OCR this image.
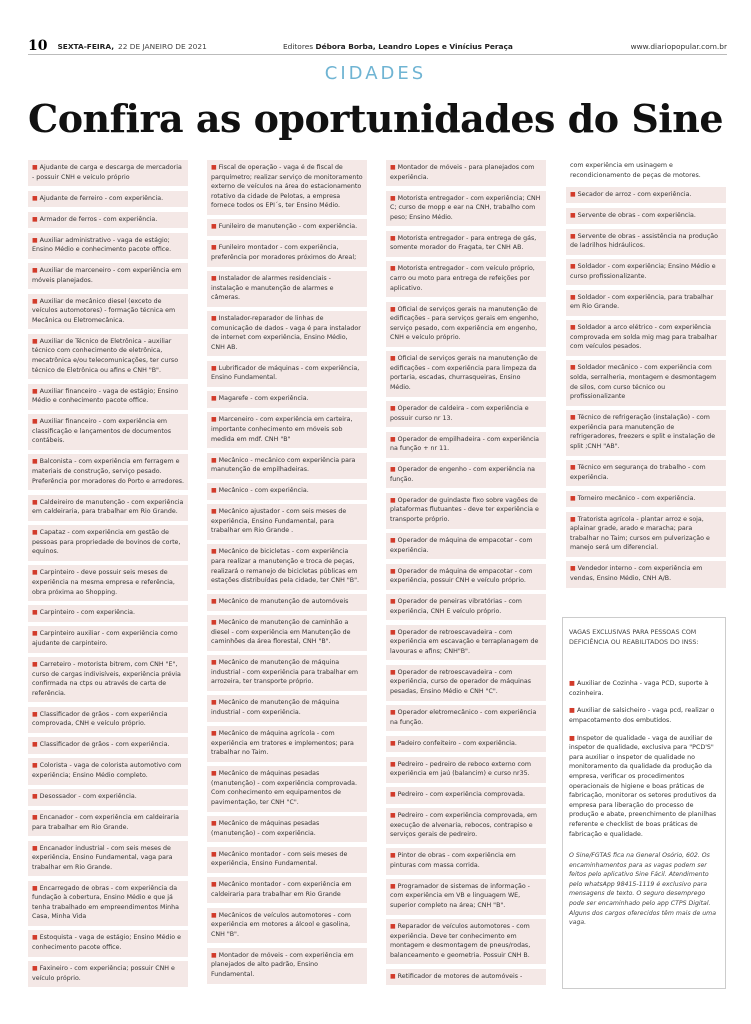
10 SEXTA-FEIRA, 22 DE JANEIRO DE 2021	Editores Débora Borba, Leandro Lopes e Vinícius Peraça	www.diariopopular.com.br
CIDADES
Confira as oportunidades do Sine
■ Ajudante de carga e descarga de mercadoria - possuir CNH e veículo próprio
■ Ajudante de ferreiro - com experiência.
■ Armador de ferros - com experiência.
■ Auxiliar administrativo - vaga de estágio; Ensino Médio e conhecimento pacote office.
■ Auxiliar de marceneiro - com experiência em móveis planejados.
■ Auxiliar de mecânico diesel (exceto de veículos automotores) - formação técnica em Mecânica ou Eletromecânica.
■ Auxiliar de Técnico de Eletrônica - auxiliar técnico com conhecimento de eletrônica, mecatrônica e/ou telecomunicações, ter curso técnico de Eletrônica ou afins e CNH "B".
■ Auxiliar financeiro - vaga de estágio; Ensino Médio e conhecimento pacote office.
■ Auxiliar financeiro - com experiência em classificação e lançamentos de documentos contábeis.
■ Balconista - com experiência em ferragem e materiais de construção, serviço pesado. Preferência por moradores do Porto e arredores.
■ Caldeireiro de manutenção - com experiência em caldeiraria, para trabalhar em Rio Grande.
■ Capataz - com experiência em gestão de pessoas para propriedade de bovinos de corte, equinos.
■ Carpinteiro - deve possuir seis meses de experiência na mesma empresa e referência, obra próxima ao Shopping.
■ Carpinteiro - com experiência.
■ Carpinteiro auxiliar - com experiência como ajudante de carpinteiro.
■ Carreteiro - motorista bitrem, com CNH "E", curso de cargas indivisíveis, experiência prévia confirmada na ctps ou através de carta de referência.
■ Classificador de grãos - com experiência comprovada, CNH e veículo próprio.
■ Classificador de grãos - com experiência.
■ Colorista - vaga de colorista automotivo com experiência; Ensino Médio completo.
■ Desossador - com experiência.
■ Encanador - com experiência em caldeiraria para trabalhar em Rio Grande.
■ Encanador industrial - com seis meses de experiência, Ensino Fundamental, vaga para trabalhar em Rio Grande.
■ Encarregado de obras - com experiência da fundação à cobertura, Ensino Médio e que já tenha trabalhado em empreendimentos Minha Casa, Minha Vida
■ Estoquista - vaga de estágio; Ensino Médio e conhecimento pacote office.
■ Faxineiro - com experiência; possuir CNH e veículo próprio.
■ Fiscal de operação - vaga é de fiscal de parquímetro; realizar serviço de monitoramento externo de veículos na área do estacionamento rotativo da cidade de Pelotas, a empresa fornece todos os EPI´s, ter Ensino Médio.
■ Funileiro de manutenção - com experiência.
■ Funileiro montador - com experiência, preferência por moradores próximos do Areal;
■ Instalador de alarmes residenciais - instalação e manutenção de alarmes e câmeras.
■ Instalador-reparador de linhas de comunicação de dados - vaga é para instalador de internet com experiência, Ensino Médio, CNH AB.
■ Lubrificador de máquinas - com experiência, Ensino Fundamental.
■ Magarefe - com experiência.
■ Marceneiro - com experiência em carteira, importante conhecimento em móveis sob medida em mdf. CNH "B"
■ Mecânico - mecânico com experiência para manutenção de empilhadeiras.
■ Mecânico - com experiência.
■ Mecânico ajustador - com seis meses de experiência, Ensino Fundamental, para trabalhar em Rio Grande .
■ Mecânico de bicicletas - com experiência para realizar a manutenção e troca de peças, realizará o remanejo de bicicletas públicas em estações distribuídas pela cidade, ter CNH "B".
■ Mecânico de manutenção de automóveis
■ Mecânico de manutenção de caminhão a diesel - com experiência em Manutenção de caminhões da área florestal, CNH "B".
■ Mecânico de manutenção de máquina industrial - com experiência para trabalhar em arrozeira, ter transporte próprio.
■ Mecânico de manutenção de máquina industrial - com experiência.
■ Mecânico de máquina agrícola - com experiência em tratores e implementos; para trabalhar no Taim.
■ Mecânico de máquinas pesadas (manutenção) - com experiência comprovada. Com conhecimento em equipamentos de pavimentação, ter CNH "C".
■ Mecânico de máquinas pesadas (manutenção) - com experiência.
■ Mecânico montador - com seis meses de experiência, Ensino Fundamental.
■ Mecânico montador - com experiência em caldeiraria para trabalhar em Rio Grande
■ Mecânicos de veículos automotores - com experiência em motores a álcool e gasolina, CNH "B".
■ Montador de móveis - com experiência em planejados de alto padrão, Ensino Fundamental.
■ Montador de móveis - para planejados com experiência.
■ Motorista entregador - com experiência; CNH C; curso de mopp e ear na CNH, trabalho com peso; Ensino Médio.
■ Motorista entregador - para entrega de gás, somente morador do Fragata, ter CNH AB.
■ Motorista entregador - com veículo próprio, carro ou moto para entrega de refeições por aplicativo.
■ Oficial de serviços gerais na manutenção de edificações - para serviços gerais em engenho, serviço pesado, com experiência em engenho, CNH e veículo próprio.
■ Oficial de serviços gerais na manutenção de edificações - com experiência para limpeza da portaria, escadas, churrasqueiras, Ensino Médio.
■ Operador de caldeira - com experiência e possuir curso nr 13.
■ Operador de empilhadeira - com experiência na função + nr 11.
■ Operador de engenho - com experiência na função.
■ Operador de guindaste fixo sobre vagões de plataformas flutuantes - deve ter experiência e transporte próprio.
■ Operador de máquina de empacotar - com experiência.
■ Operador de máquina de empacotar - com experiência, possuir CNH e veículo próprio.
■ Operador de peneiras vibratórias - com experiência, CNH E veículo próprio.
■ Operador de retroescavadeira - com experiência em escavação e terraplanagem de lavouras e afins; CNH"B".
■ Operador de retroescavadeira - com experiência, curso de operador de máquinas pesadas, Ensino Médio e CNH "C".
■ Operador eletromecânico - com experiência na função.
■ Padeiro confeiteiro - com experiência.
■ Pedreiro - pedreiro de reboco externo com experiência em jaú (balancim) e curso nr35.
■ Pedreiro - com experiência comprovada.
■ Pedreiro - com experiência comprovada, em execução de alvenaria, rebocos, contrapiso e serviços gerais de pedreiro.
■ Pintor de obras - com experiência em pinturas com massa corrida.
■ Programador de sistemas de informação - com experiência em VB e linguagem WE, superior completo na área; CNH "B".
■ Reparador de veículos automotores - com experiência. Deve ter conhecimento em montagem e desmontagem de pneus/rodas, balanceamento e geometria. Possuir CNH B.
■ Retificador de motores de automóveis -
com experiência em usinagem e recondicionamento de peças de motores.
■ Secador de arroz - com experiência.
■ Servente de obras - com experiência.
■ Servente de obras - assistência na produção de ladrilhos hidráulicos.
■ Soldador - com experiência; Ensino Médio e curso profissionalizante.
■ Soldador - com experiência, para trabalhar em Rio Grande.
■ Soldador a arco elétrico - com experiência comprovada em solda mig mag para trabalhar com veículos pesados.
■ Soldador mecânico - com experiência com solda, serralheria, montagem e desmontagem de silos, com curso técnico ou profissionalizante
■ Técnico de refrigeração (instalação) - com experiência para manutenção de refrigeradores, freezers e split e instalação de split ;CNH "AB".
■ Técnico em segurança do trabalho - com experiência.
■ Torneiro mecânico - com experiência.
■ Tratorista agrícola - plantar arroz e soja, aplainar grade, arado e maracha; para trabalhar no Taim; cursos em pulverização e manejo será um diferencial.
■ Vendedor interno - com experiência em vendas, Ensino Médio, CNH A/B.
VAGAS EXCLUSIVAS PARA PESSOAS COM DEFICIÊNCIA OU REABILITADOS DO INSS:
■ Auxiliar de Cozinha - vaga PCD, suporte à cozinheira.
■ Auxiliar de salsicheiro - vaga pcd, realizar o empacotamento dos embutidos.
■ Inspetor de qualidade - vaga de auxiliar de inspetor de qualidade, exclusiva para "PCD'S" para auxiliar o inspetor de qualidade no monitoramento da qualidade da produção da empresa, verificar os procedimentos operacionais de higiene e boas práticas de fabricação, monitorar os setores produtivos da empresa para liberação do processo de produção e abate, preenchimento de planilhas referente e checklist de boas práticas de fabricação e qualidade.
O Sine/FGTAS fica na General Osório, 602. Os encaminhamentos para as vagas podem ser feitos pelo aplicativo Sine Fácil. Atendimento pelo whatsApp 98415-1119 é exclusivo para mensagens de texto. O seguro desemprego pode ser encaminhado pelo app CTPS Digital. Alguns dos cargos oferecidos têm mais de uma vaga.
